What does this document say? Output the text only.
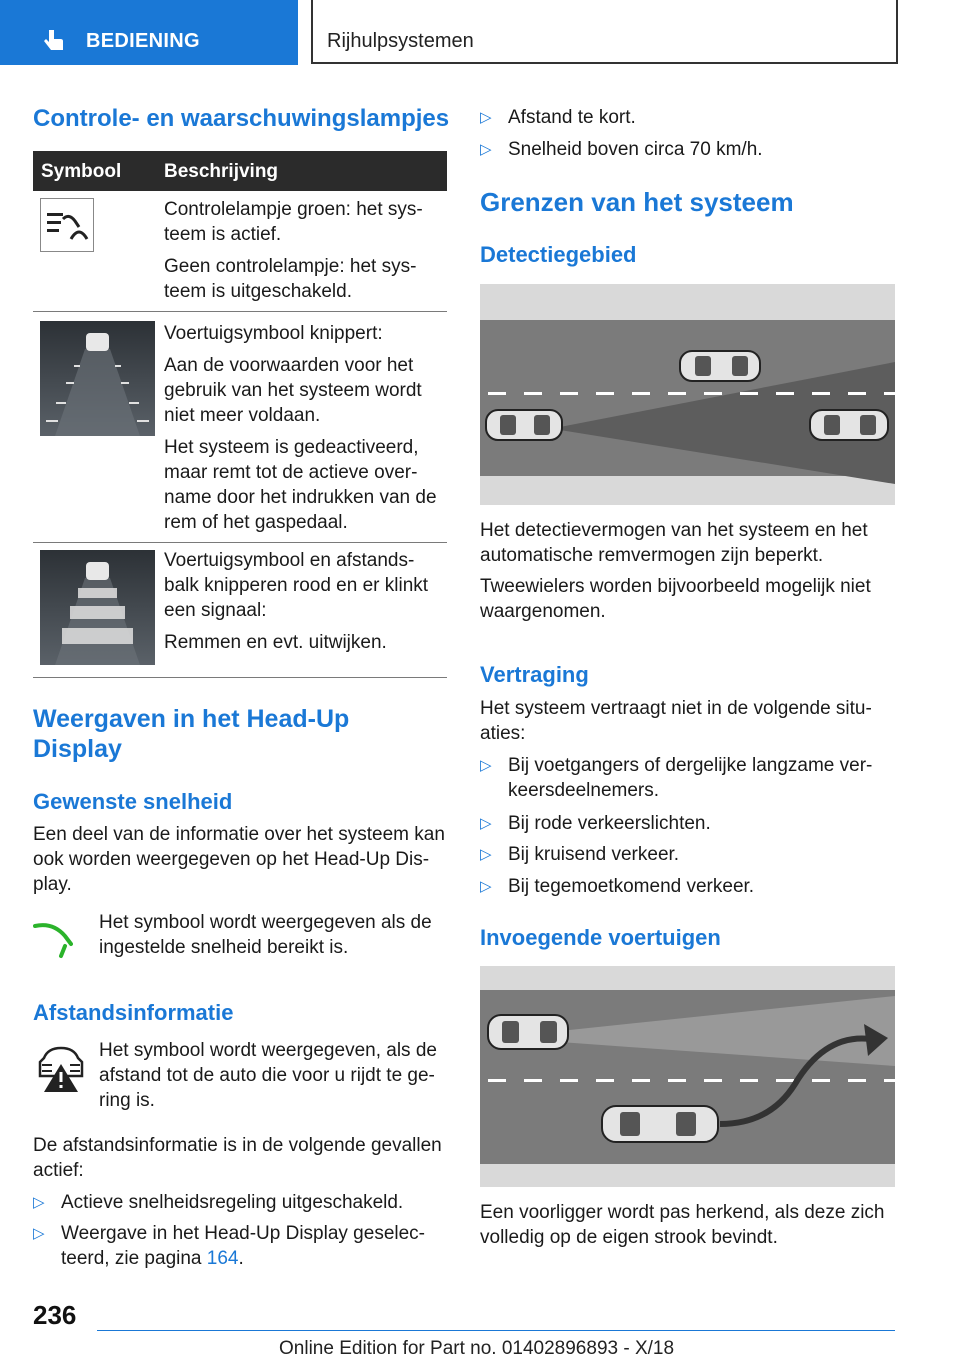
BEDIENING	Rijhulpsystemen
Controle- en waarschuwingslampjes
Symbool Beschrijving

Controlelampje groen: het sys-teem is actief.

Geen controlelampje: het sys-teem is uitgeschakeld.

Voertuigsymbool knippert:

Aan de voorwaarden voor het gebruik van het systeem wordt niet meer voldaan.

Het systeem is gedeactiveerd, maar remt tot de actieve over-name door het indrukken van de rem of het gaspedaal.

Voertuigsymbool en afstands-balk knipperen rood en er klinkt een signaal:

Remmen en evt. uitwijken.

Weergaven in het Head-Up Display
Gewenste snelheid
Een deel van de informatie over het systeem kan ook worden weergegeven op het Head-Up Dis-play.
Het symbool wordt weergegeven als de ingestelde snelheid bereikt is.
Afstandsinformatie
Het symbool wordt weergegeven, als de afstand tot de auto die voor u rijdt te ge-ring is.
De afstandsinformatie is in de volgende gevallen actief:
▷ Actieve snelheidsregeling uitgeschakeld.
▷ Weergave in het Head-Up Display geselec-teerd, zie pagina 164.
▷ Afstand te kort.
▷ Snelheid boven circa 70 km/h.
Grenzen van het systeem
Detectiegebied
Het detectievermogen van het systeem en het automatische remvermogen zijn beperkt.
Tweewielers worden bijvoorbeeld mogelijk niet waargenomen.
Vertraging
Het systeem vertraagt niet in de volgende situ-aties:
▷ Bij voetgangers of dergelijke langzame ver-keersdeelnemers.
▷ Bij rode verkeerslichten.
▷ Bij kruisend verkeer.
▷ Bij tegemoetkomend verkeer.
Invoegende voertuigen
Een voorligger wordt pas herkend, als deze zich volledig op de eigen strook bevindt.
236
Online Edition for Part no. 01402896893 - X/18
